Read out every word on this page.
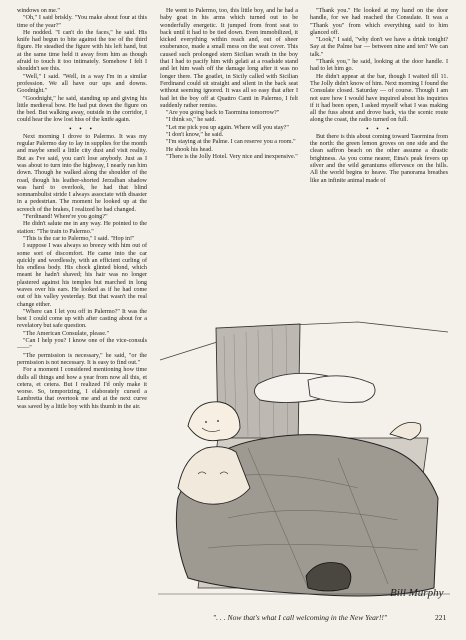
windows on me."

"Oh," I said briskly. "You make about four at this time of the year?"

He nodded. "I can't do the faces," he said. His knife had begun to bite against the toe of the third figure. He steadied the figure with his left hand, but at the same time held it away from him as though afraid to touch it too intimately. Somehow I felt I shouldn't see this.

"Well," I said. "Well, in a way I'm in a similar profession. We all have our ups and downs. Goodnight."

"Goodnight," he said, standing up and giving his little medieval bow. He had put down the figure on the bed. But walking away, outside in the corridor, I could hear the low lost hiss of the knife again.

• • •

Next morning I drove to Palermo. It was my regular Palermo day to lay in supplies for the month and maybe smell a little city dust and visit reality. But as I've said, you can't lose anybody. Just as I was about to turn into the highway, I nearly ran him down. Though he walked along the shoulder of the road, though his leather-shorted Jerzalban shadow was hard to overlook, he had that blind somnambulist stride I always associate with disaster in a pedestrian. The moment he looked up at the screech of the brakes, I realized he had changed.

"Ferdinand! Where're you going?"

He didn't salute me in any way. He pointed to the station: "The train to Palermo."

"This is the car to Palermo," I said. "Hop in!"

I suppose I was always so breezy with him out of some sort of discomfort. He came into the car quickly and wordlessly, with an efficient curling of his endless body. His chock glinted blond, which meant he hadn't shaved; his hair was no longer plastered against his temples but marched in long waves over his ears. He looked as if he had come out of his valley yesterday. But that wasn't the real change either.

"Where can I let you off in Palermo?" It was the best I could come up with after casting about for a revelatory but safe question.

"The American Consulate, please."

"Can I help you? I know one of the vice-consuls ——"

"The permission is necessary," he said, "or the permission is not necessary. It is easy to find out."

For a moment I considered mentioning how time dulls all things and how a year from now all this, et cetera, et cetera. But I realized I'd only make it worse. So, temporizing, I elaborately cursed a Lambretta that overtook me and at the next curve was saved by a little boy with his thumb in the air.

He went to Palermo, too, this little boy, and he had a baby goat in his arms which turned out to be wonderfully energetic. It jumped from front seat to back until it had to be tied down. Even immobilized, it kicked everything within reach and, out of sheer exuberance, made a small mess on the seat cover. This caused such prolonged stern Sicilian wrath in the boy that I had to pacify him with gelati at a roadside stand and let him wash off the damage long after it was no longer there. The goatlet, in Sicily called with Sicilian Ferdinand could sit straight and silent in the back seat without seeming ignored. It was all so easy that after I had let the boy off at Quattro Canti in Palermo, I felt suddenly rather remiss.

"Are you going back to Taormina tomorrow?"

"I think so," he said.

"Let me pick you up again. Where will you stay?"

"I don't know," he said.

"I'm staying at the Palme. I can reserve you a room."

He shook his head.

"There is the Jolly Hotel. Very nice and inexpensive."

"Thank you." He looked at my hand on the door handle, for we had reached the Consulate. It was a "Thank you" from which everything said to him glanced off.

"Look," I said, "why don't we have a drink tonight? Say at the Palme bar — between nine and ten? We can talk."

"Thank you," he said, looking at the door handle. I had to let him go.

He didn't appear at the bar, though I waited till 11. The Jolly didn't know of him. Next morning I found the Consulate closed. Saturday — of course. Though I am not sure how I would have inquired about his inquiries if it had been open, I asked myself what I was making all the fuss about and drove back, via the scenic route along the coast, the radio turned on full.

• • •

But there is this about coming toward Taormina from the north: the green lemon groves on one side and the clean saffron beach on the other assume a drastic brightness. As you come nearer, Etna's peak fevers up silver and the wild geraniums effervesce on the hills. All the world begins to heave. The panorama breathes like an infinite animal made of

Bill Murphy
". . . Now that's what I call welcoming in the New Year!!"	221
